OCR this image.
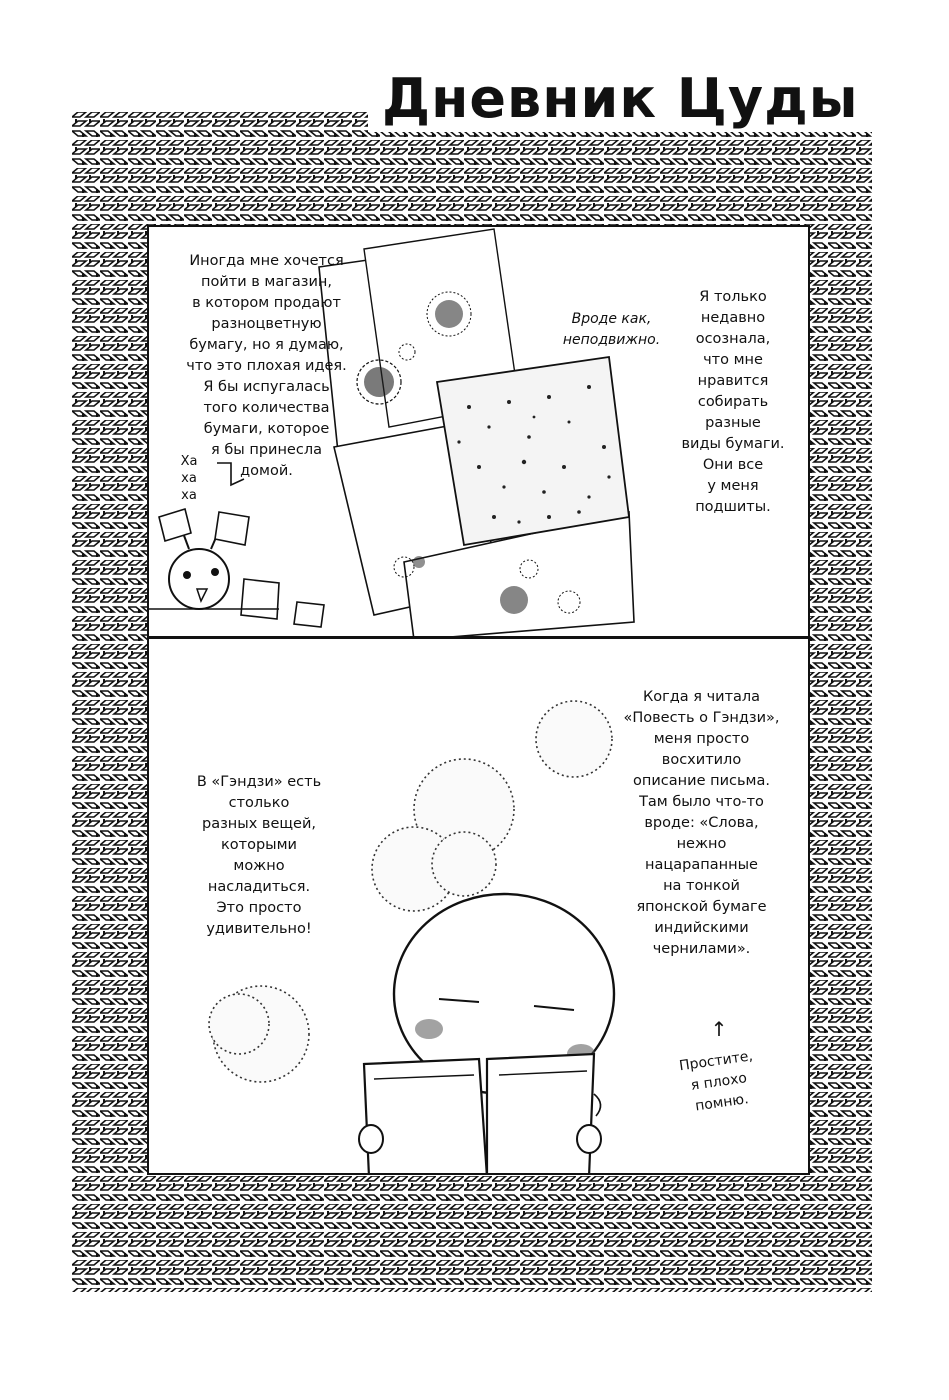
Дневник Цуды
Иногда мне хочется
пойти в магазин,
в котором продают
разноцветную
бумагу, но я думаю,
что это плохая идея.
Я бы испугалась
того количества
бумаги, которое
я бы принесла
домой.
Ха
ха
ха
Вроде как,
неподвижно.
Я только
недавно
осознала,
что мне
нравится
собирать
разные
виды бумаги.
Они все
у меня
подшиты.
В «Гэндзи» есть
столько
разных вещей,
которыми
можно
насладиться.
Это просто
удивительно!
Когда я читала
«Повесть о Гэндзи»,
меня просто
восхитило
описание письма.
Там было что-то
вроде: «Слова,
нежно
нацарапанные
на тонкой
японской бумаге
индийскими
чернилами».
↑
Простите,
я плохо
помню.
